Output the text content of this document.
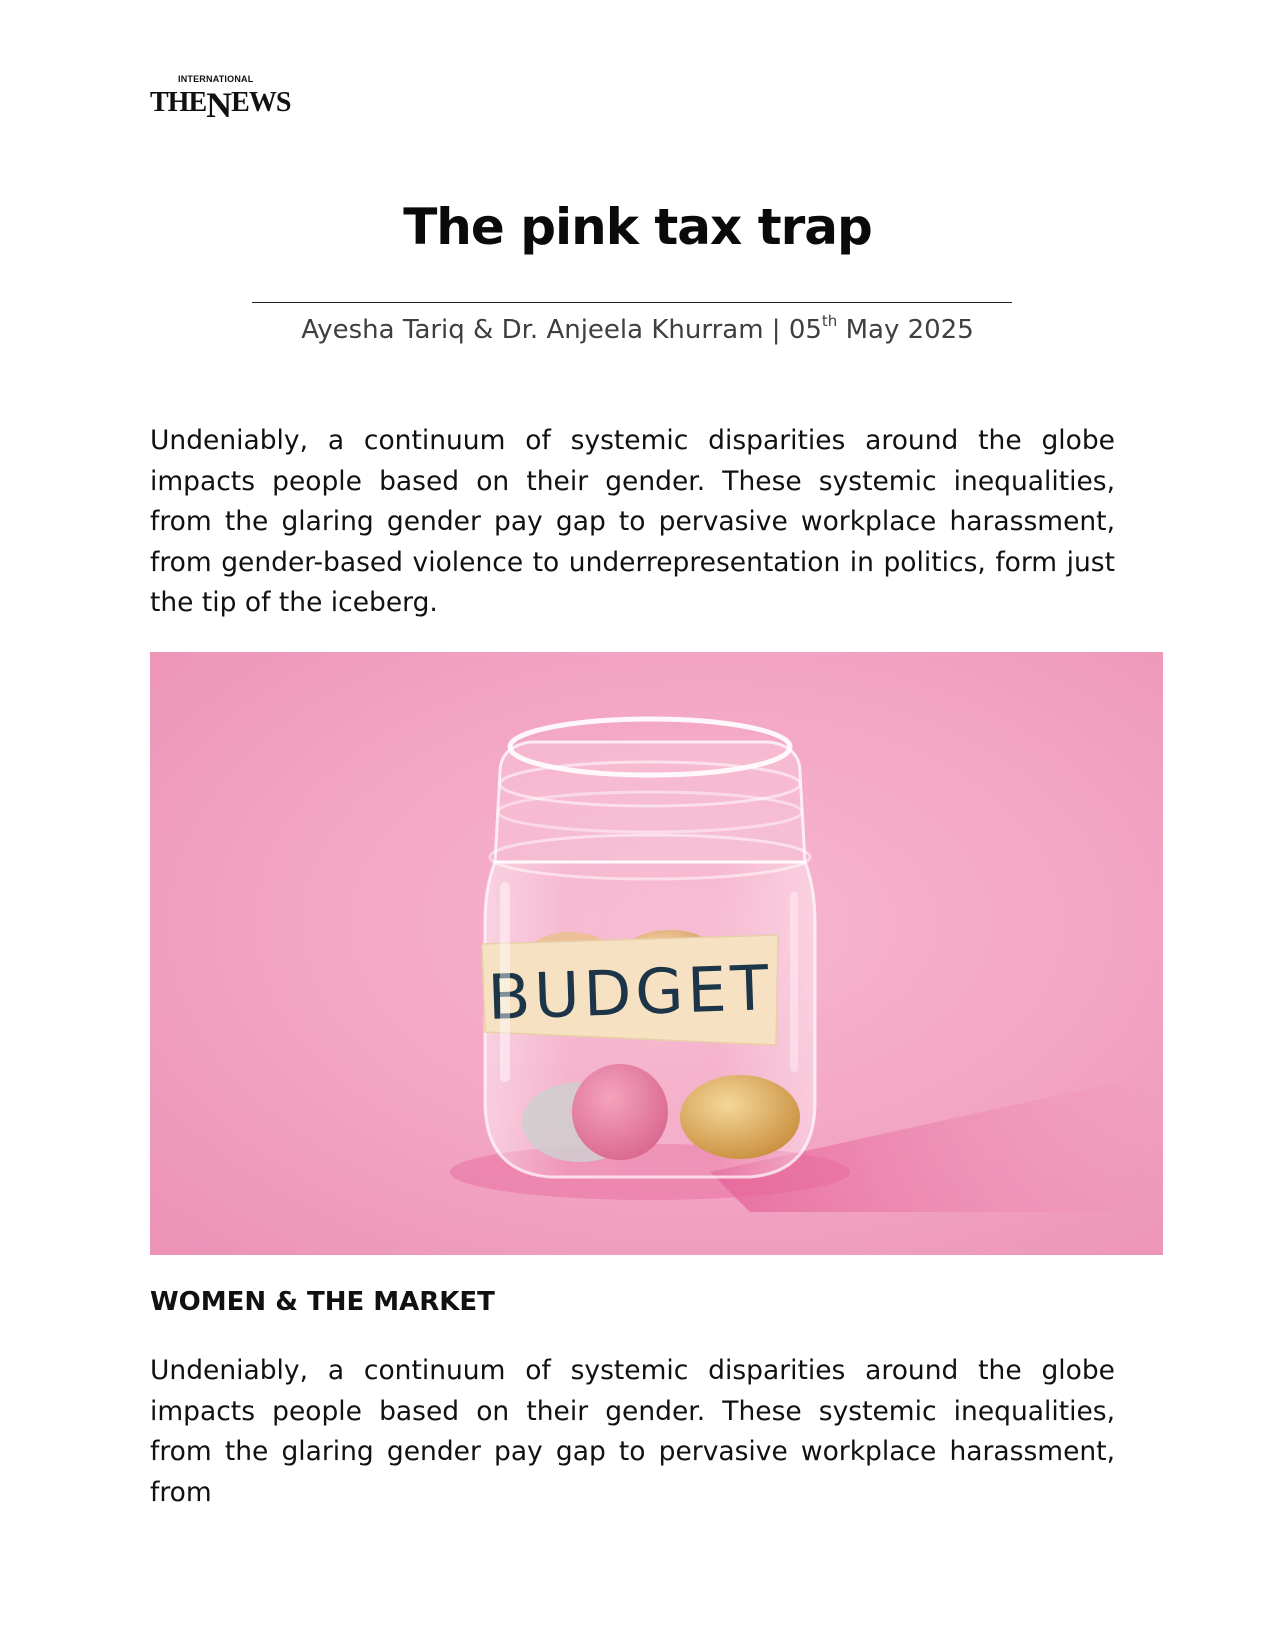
INTERNATIONAL
THENEWS
The pink tax trap
Ayesha Tariq & Dr. Anjeela Khurram | 05th May 2025

Undeniably, a continuum of systemic disparities around the globe impacts people based on their gender. These systemic inequalities, from the glaring gender pay gap to pervasive workplace harassment, from gender-based violence to underrepresentation in politics, form just the tip of the iceberg.

BUDGET
WOMEN & THE MARKET

Undeniably, a continuum of systemic disparities around the globe impacts people based on their gender. These systemic inequalities, from the glaring gender pay gap to pervasive workplace harassment, from
